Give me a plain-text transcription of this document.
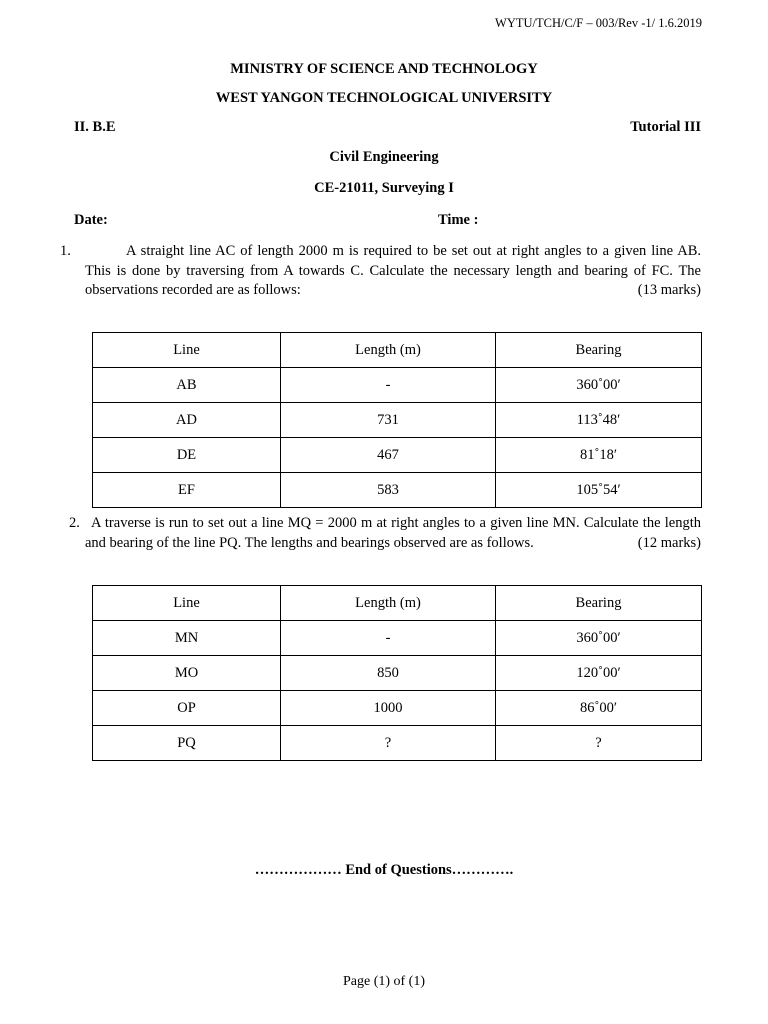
WYTU/TCH/C/F – 003/Rev -1/ 1.6.2019
MINISTRY OF SCIENCE AND TECHNOLOGY
WEST YANGON TECHNOLOGICAL UNIVERSITY
II. B.E	Tutorial III
Civil Engineering
CE-21011, Surveying I
Date:	Time :
1.	A straight line AC of length 2000 m is required to be set out at right angles to a given line AB. This is done by traversing from A towards C. Calculate the necessary length and bearing of FC. The observations recorded are as follows:	(13 marks)
Line	Length (m)	Bearing
AB	-	360˚00′
AD	731	113˚48′
DE	467	81˚18′
EF	583	105˚54′
2. A traverse is run to set out a line MQ = 2000 m at right angles to a given line MN. Calculate the length and bearing of the line PQ. The lengths and bearings observed are as follows.	(12 marks)
Line	Length (m)	Bearing
MN	-	360˚00′
MO	850	120˚00′
OP	1000	86˚00′
PQ	?	?
……………… End of Questions………….
Page (1) of (1)
